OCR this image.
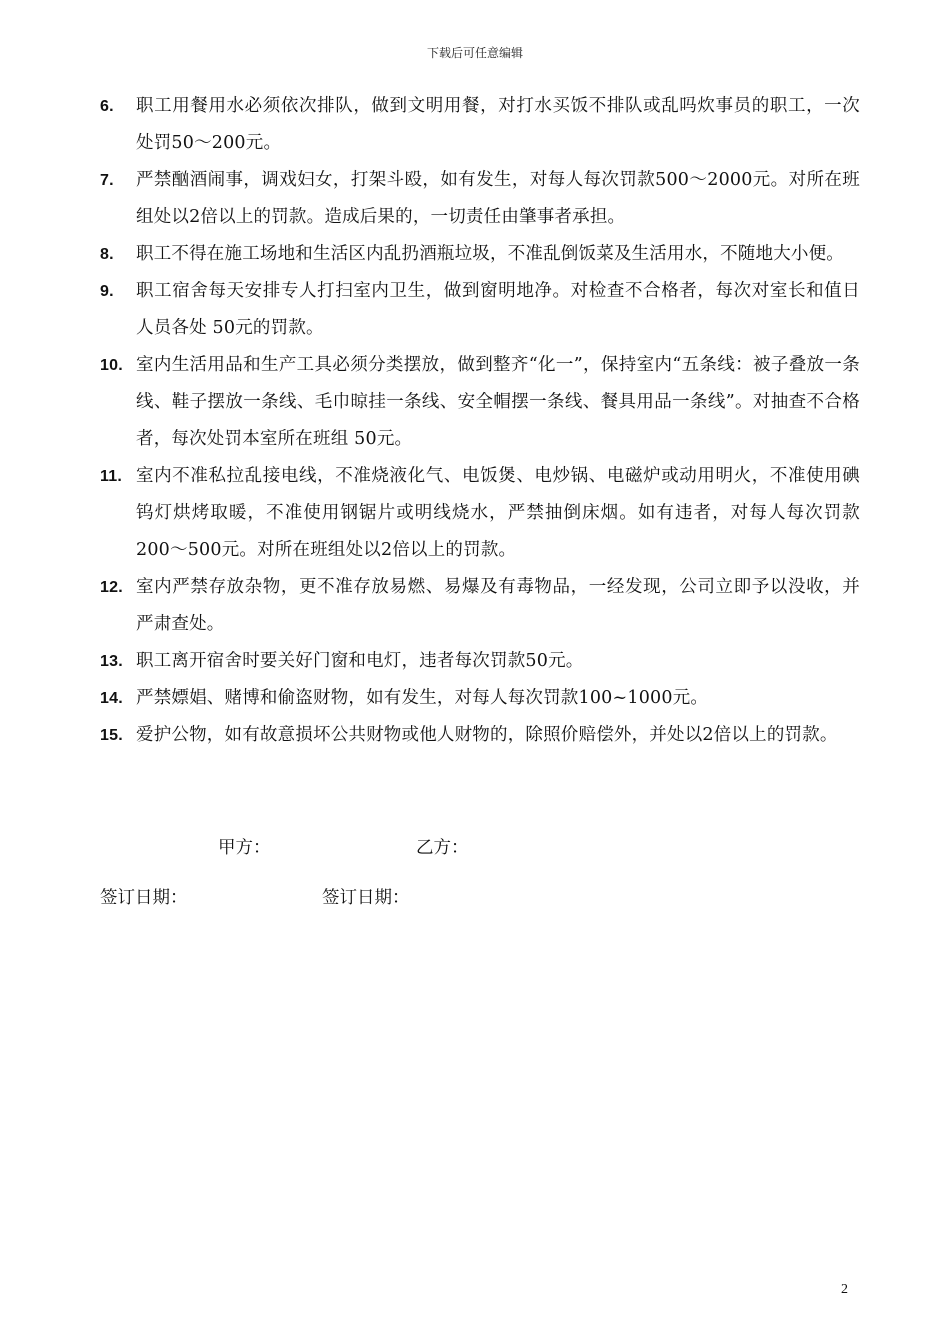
下载后可任意编辑
6. 职工用餐用水必须依次排队，做到文明用餐，对打水买饭不排队或乱吗炊事员的职工，一次处罚50～200元。
7. 严禁酗酒闹事，调戏妇女，打架斗殴，如有发生，对每人每次罚款500～2000元。对所在班组处以2倍以上的罚款。造成后果的，一切责任由肇事者承担。
8. 职工不得在施工场地和生活区内乱扔酒瓶垃圾，不准乱倒饭菜及生活用水，不随地大小便。
9. 职工宿舍每天安排专人打扫室内卫生，做到窗明地净。对检查不合格者，每次对室长和值日人员各处 50元的罚款。
10. 室内生活用品和生产工具必须分类摆放，做到整齐“化一”，保持室内“五条线：被子叠放一条线、鞋子摆放一条线、毛巾晾挂一条线、安全帽摆一条线、餐具用品一条线”。对抽查不合格者，每次处罚本室所在班组 50元。
11. 室内不准私拉乱接电线，不准烧液化气、电饭煲、电炒锅、电磁炉或动用明火，不准使用碘钨灯烘烤取暖，不准使用钢锯片或明线烧水，严禁抽倒床烟。如有违者，对每人每次罚款200～500元。对所在班组处以2倍以上的罚款。
12. 室内严禁存放杂物，更不准存放易燃、易爆及有毒物品，一经发现，公司立即予以没收，并严肃查处。
13. 职工离开宿舍时要关好门窗和电灯，违者每次罚款50元。
14. 严禁嫖娼、赌博和偷盗财物，如有发生，对每人每次罚款100~1000元。
15. 爱护公物，如有故意损坏公共财物或他人财物的，除照价赔偿外，并处以2倍以上的罚款。
甲方：	乙方：
签订日期：	签订日期：
2
